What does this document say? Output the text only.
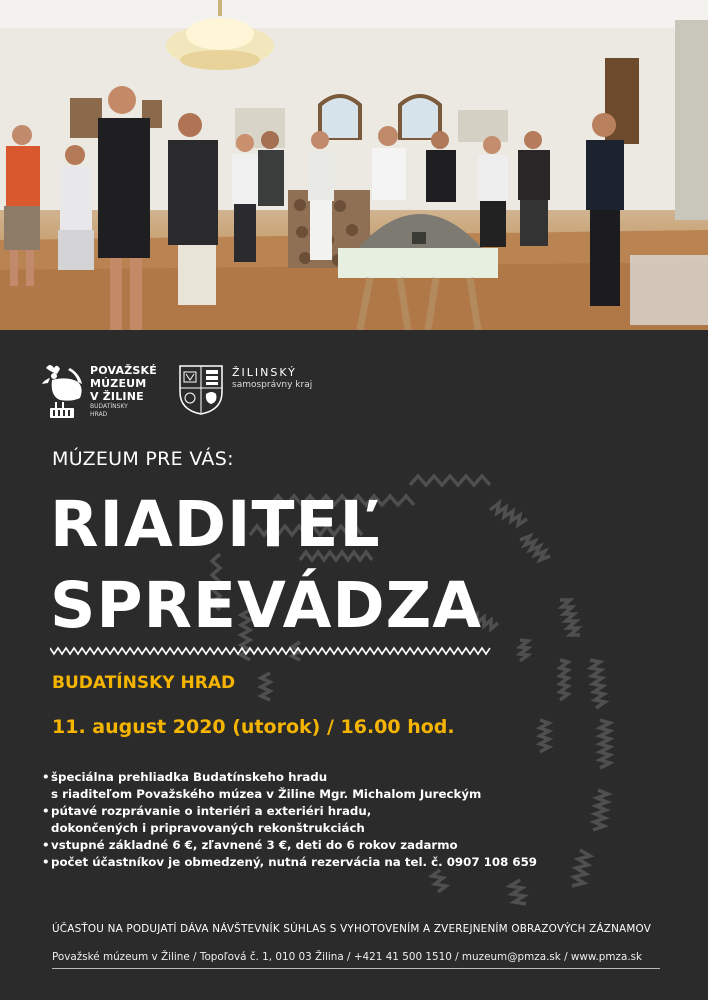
POVAŽSKÉ
MÚZEUM
V ŽILINE
BUDATÍNSKY
HRAD
ŽILINSKÝ
samosprávny kraj
MÚZEUM PRE VÁS:
RIADITEĽ
SPREVÁDZA
BUDATÍNSKY HRAD
11. august 2020 (utorok) / 16.00 hod.
• špeciálna prehliadka Budatínskeho hradu
s riaditeľom Považského múzea v Žiline Mgr. Michalom Jureckým
• pútavé rozprávanie o interiéri a exteriéri hradu,
dokončených i pripravovaných rekonštrukciách
• vstupné základné 6 €, zľavnené 3 €, deti do 6 rokov zadarmo
• počet účastníkov je obmedzený, nutná rezervácia na tel. č. 0907 108 659
ÚČASŤOU NA PODUJATÍ DÁVA NÁVŠTEVNÍK SÚHLAS S VYHOTOVENÍM A ZVEREJNENÍM OBRAZOVÝCH ZÁZNAMOV
Považské múzeum v Žiline / Topoľová č. 1, 010 03 Žilina / +421 41 500 1510 / muzeum@pmza.sk / www.pmza.sk
